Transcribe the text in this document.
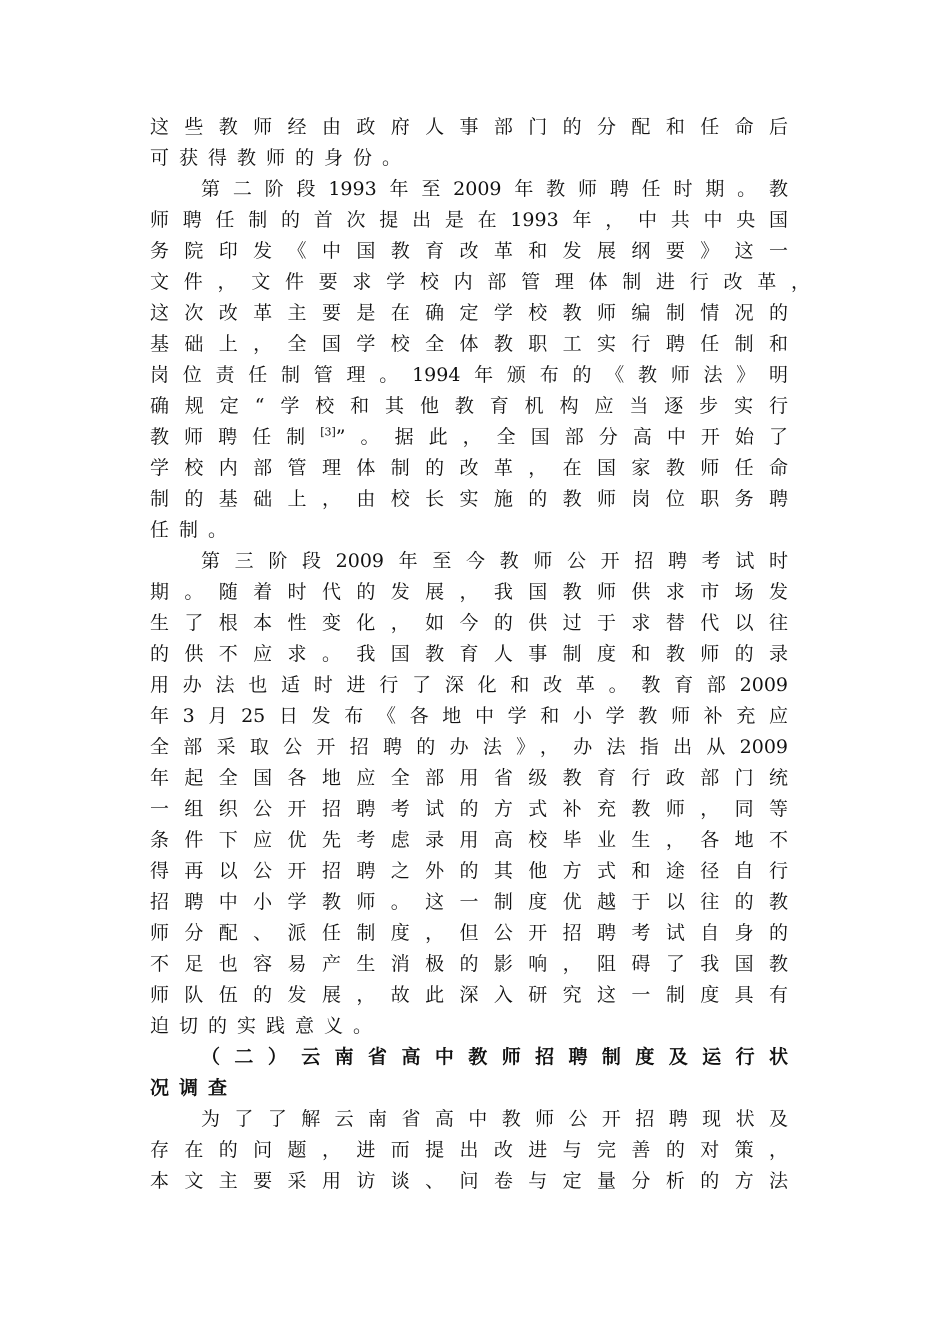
这些教师经由政府人事部门的分配和任命后
可获得教师的身份。
第二阶段1993年至2009年教师聘任时期。教
师聘任制的首次提出是在1993年，中共中央国
务院印发《中国教育改革和发展纲要》这一
文件，文件要求学校内部管理体制进行改革，
这次改革主要是在确定学校教师编制情况的
基础上，全国学校全体教职工实行聘任制和
岗位责任制管理。1994年颁布的《教师法》明
确规定“学校和其他教育机构应当逐步实行
教师聘任制[3]”。据此，全国部分高中开始了
学校内部管理体制的改革，在国家教师任命
制的基础上，由校长实施的教师岗位职务聘
任制。
第三阶段2009年至今教师公开招聘考试时
期。随着时代的发展，我国教师供求市场发
生了根本性变化，如今的供过于求替代以往
的供不应求。我国教育人事制度和教师的录
用办法也适时进行了深化和改革。教育部2009
年3月25日发布《各地中学和小学教师补充应
全部采取公开招聘的办法》，办法指出从2009
年起全国各地应全部用省级教育行政部门统
一组织公开招聘考试的方式补充教师，同等
条件下应优先考虑录用高校毕业生，各地不
得再以公开招聘之外的其他方式和途径自行
招聘中小学教师。这一制度优越于以往的教
师分配、派任制度，但公开招聘考试自身的
不足也容易产生消极的影响，阻碍了我国教
师队伍的发展，故此深入研究这一制度具有
迫切的实践意义。
（二）云南省高中教师招聘制度及运行状
况调查
为了了解云南省高中教师公开招聘现状及
存在的问题，进而提出改进与完善的对策，
本文主要采用访谈、问卷与定量分析的方法
